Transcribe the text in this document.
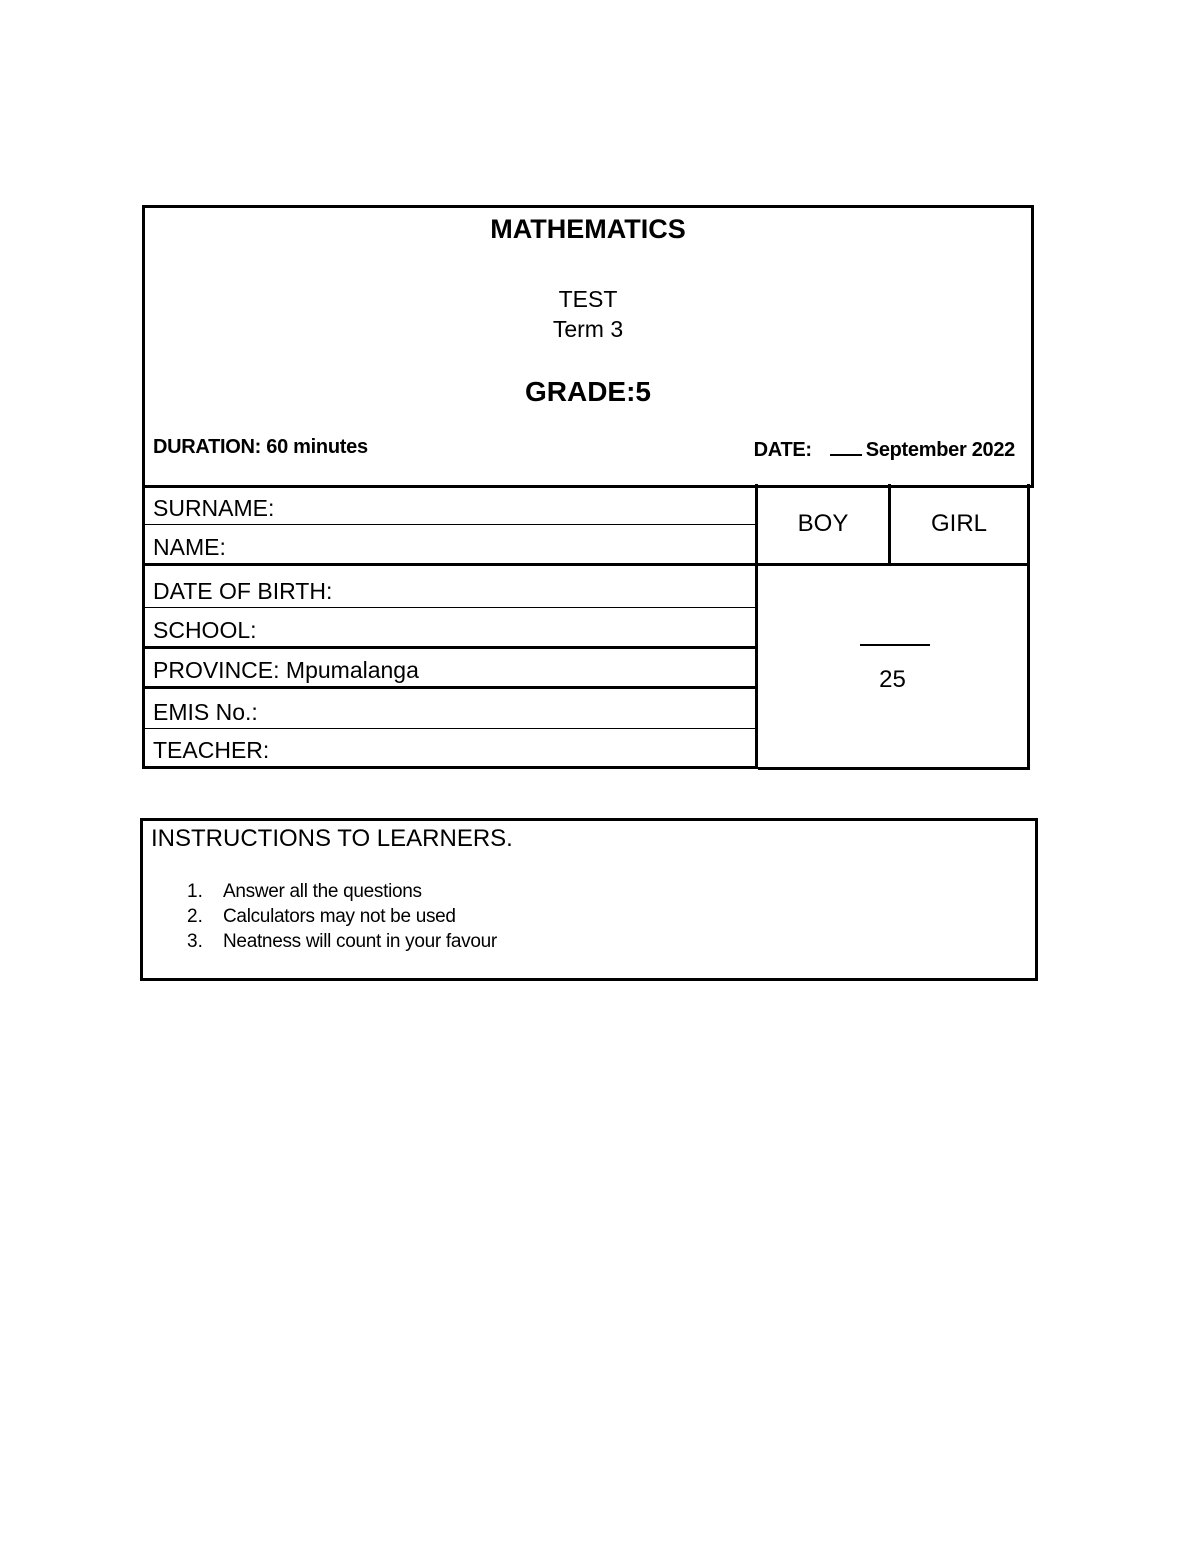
MATHEMATICS
TEST
Term 3
GRADE:5
DURATION: 60 minutes	DATE:	September 2022
SURNAME:
NAME:
DATE OF BIRTH:
SCHOOL:
PROVINCE: Mpumalanga
EMIS No.:
TEACHER:
BOY	GIRL
25
INSTRUCTIONS TO LEARNERS.
1. Answer all the questions
2. Calculators may not be used
3. Neatness will count in your favour
